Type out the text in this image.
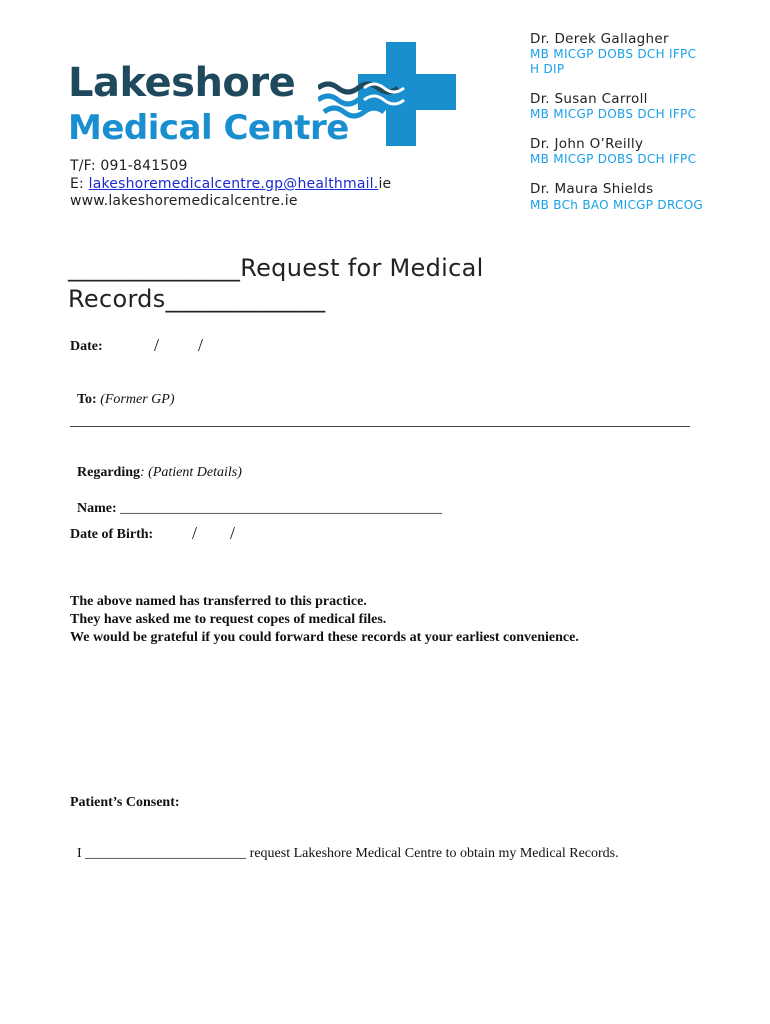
Lakeshore
Medical Centre
T/F: 091-841509
E: lakeshoremedicalcentre.gp@healthmail.ie
www.lakeshoremedicalcentre.ie
Dr. Derek Gallagher
MB MICGP DOBS DCH IFPC
H DIP
Dr. Susan Carroll
MB MICGP DOBS DCH IFPC
Dr. John O’Reilly
MB MICGP DOBS DCH IFPC
Dr. Maura Shields
MB BCh BAO MICGP DRCOG
______________Request for Medical
Records_____________
Date:	/ /

To: (Former GP)

Regarding: (Patient Details)

Name: ______________________________________________

Date of Birth: / /
The above named has transferred to this practice.
They have asked me to request copes of medical files.
We would be grateful if you could forward these records at your earliest convenience.
Patient’s Consent:

I _______________________ request Lakeshore Medical Centre to obtain my Medical Records.
